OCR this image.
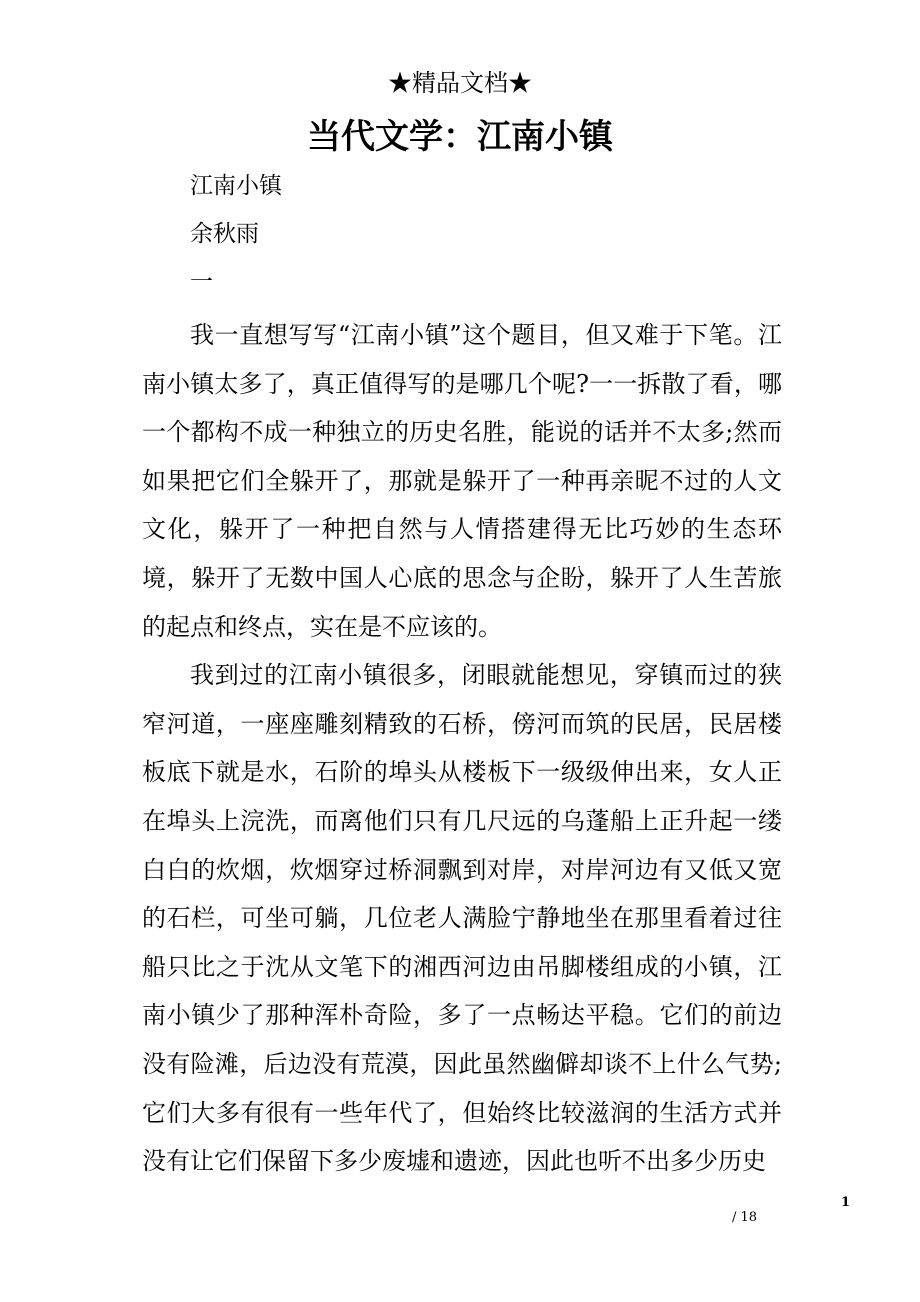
★精品文档★
当代文学：江南小镇
江南小镇
余秋雨
一

我一直想写写“江南小镇”这个题目，但又难于下笔。江南小镇太多了，真正值得写的是哪几个呢?一一拆散了看，哪一个都构不成一种独立的历史名胜，能说的话并不太多;然而如果把它们全躲开了，那就是躲开了一种再亲昵不过的人文文化，躲开了一种把自然与人情搭建得无比巧妙的生态环境，躲开了无数中国人心底的思念与企盼，躲开了人生苦旅的起点和终点，实在是不应该的。

我到过的江南小镇很多，闭眼就能想见，穿镇而过的狭窄河道，一座座雕刻精致的石桥，傍河而筑的民居，民居楼板底下就是水，石阶的埠头从楼板下一级级伸出来，女人正在埠头上浣洗，而离他们只有几尺远的乌蓬船上正升起一缕白白的炊烟，炊烟穿过桥洞飘到对岸，对岸河边有又低又宽的石栏，可坐可躺，几位老人满脸宁静地坐在那里看着过往船只比之于沈从文笔下的湘西河边由吊脚楼组成的小镇，江南小镇少了那种浑朴奇险，多了一点畅达平稳。它们的前边没有险滩，后边没有荒漠，因此虽然幽僻却谈不上什么气势;它们大多有很有一些年代了，但始终比较滋润的生活方式并没有让它们保留下多少废墟和遗迹，因此也听不出多少历史

1
/ 18
